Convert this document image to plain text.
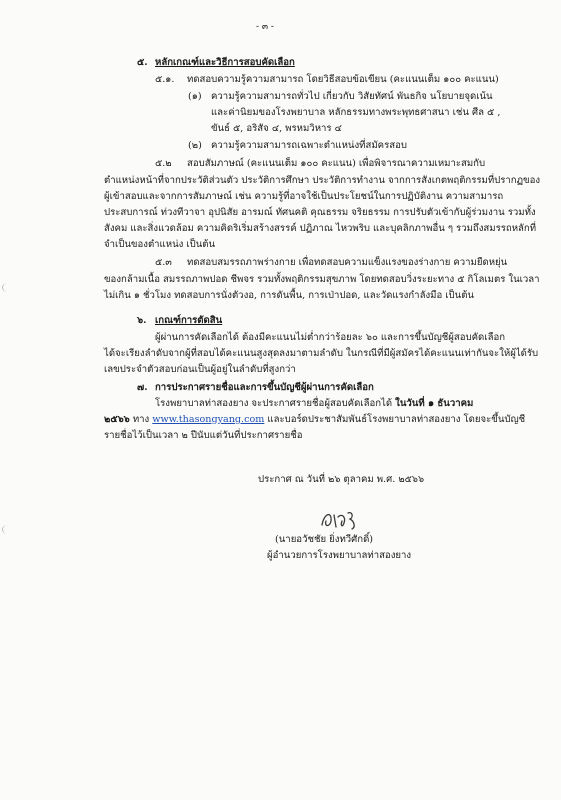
- ๓ -
๕. หลักเกณฑ์และวิธีการสอบคัดเลือก
๕.๑. ทดสอบความรู้ความสามารถ โดยวิธีสอบข้อเขียน (คะแนนเต็ม ๑๐๐ คะแนน)
(๑) ความรู้ความสามารถทั่วไป เกี่ยวกับ วิสัยทัศน์ พันธกิจ นโยบายจุดเน้น
และค่านิยมของโรงพยาบาล หลักธรรมทางพระพุทธศาสนา เช่น ศีล ๕ ,
ขันธ์ ๕, อริสัจ ๔, พรหมวิหาร ๔
(๒) ความรู้ความสามารถเฉพาะตำแหน่งที่สมัครสอบ
๕.๒ สอบสัมภาษณ์ (คะแนนเต็ม ๑๐๐ คะแนน) เพื่อพิจารณาความเหมาะสมกับ
ตำแหน่งหน้าที่จากประวัติส่วนตัว ประวัติการศึกษา ประวัติการทำงาน จากการสังเกตพฤติกรรมที่ปรากฏของ
ผู้เข้าสอบและจากการสัมภาษณ์ เช่น ความรู้ที่อาจใช้เป็นประโยชน์ในการปฏิบัติงาน ความสามารถ
ประสบการณ์ ท่วงทีวาจา อุปนิสัย อารมณ์ ทัศนคติ คุณธรรม จริยธรรม การปรับตัวเข้ากับผู้ร่วมงาน รวมทั้ง
สังคม และสิ่งแวดล้อม ความคิดริเริ่มสร้างสรรค์ ปฏิภาณ ไหวพริบ และบุคลิกภาพอื่น ๆ รวมถึงสมรรถหลักที่
จำเป็นของตำแหน่ง เป็นต้น
๕.๓ ทดสอบสมรรถภาพร่างกาย เพื่อทดสอบความแข็งแรงของร่างกาย ความยืดหยุ่น
ของกล้ามเนื้อ สมรรถภาพปอด ชีพจร รวมทั้งพฤติกรรมสุขภาพ โดยทดสอบวิ่งระยะทาง ๕ กิโลเมตร ในเวลา
ไม่เกิน ๑ ชั่วโมง ทดสอบการนั่งตัวงอ, การดันพื้น, การเป่าปอด, และวัดแรงกำลังมือ เป็นต้น
๖. เกณฑ์การตัดสิน
ผู้ผ่านการคัดเลือกได้ ต้องมีคะแนนไม่ต่ำกว่าร้อยละ ๖๐ และการขึ้นบัญชีผู้สอบคัดเลือก
ได้จะเรียงลำดับจากผู้ที่สอบได้คะแนนสูงสุดลงมาตามลำดับ ในกรณีที่มีผู้สมัครได้คะแนนเท่ากันจะให้ผู้ได้รับ
เลขประจำตัวสอบก่อนเป็นผู้อยู่ในลำดับที่สูงกว่า
๗. การประกาศรายชื่อและการขึ้นบัญชีผู้ผ่านการคัดเลือก
โรงพยาบาลท่าสองยาง จะประกาศรายชื่อผู้สอบคัดเลือกได้ ในวันที่ ๑ ธันวาคม
๒๕๖๖ ทาง www.thasongyang.com และบอร์ดประชาสัมพันธ์โรงพยาบาลท่าสองยาง โดยจะขึ้นบัญชี
รายชื่อไว้เป็นเวลา ๒ ปีนับแต่วันที่ประกาศรายชื่อ
ประกาศ ณ วันที่ ๒๖ ตุลาคม พ.ศ. ๒๕๖๖
(นายอวัชชัย ยิ่งทวีศักดิ์)
ผู้อำนวยการโรงพยาบาลท่าสองยาง
